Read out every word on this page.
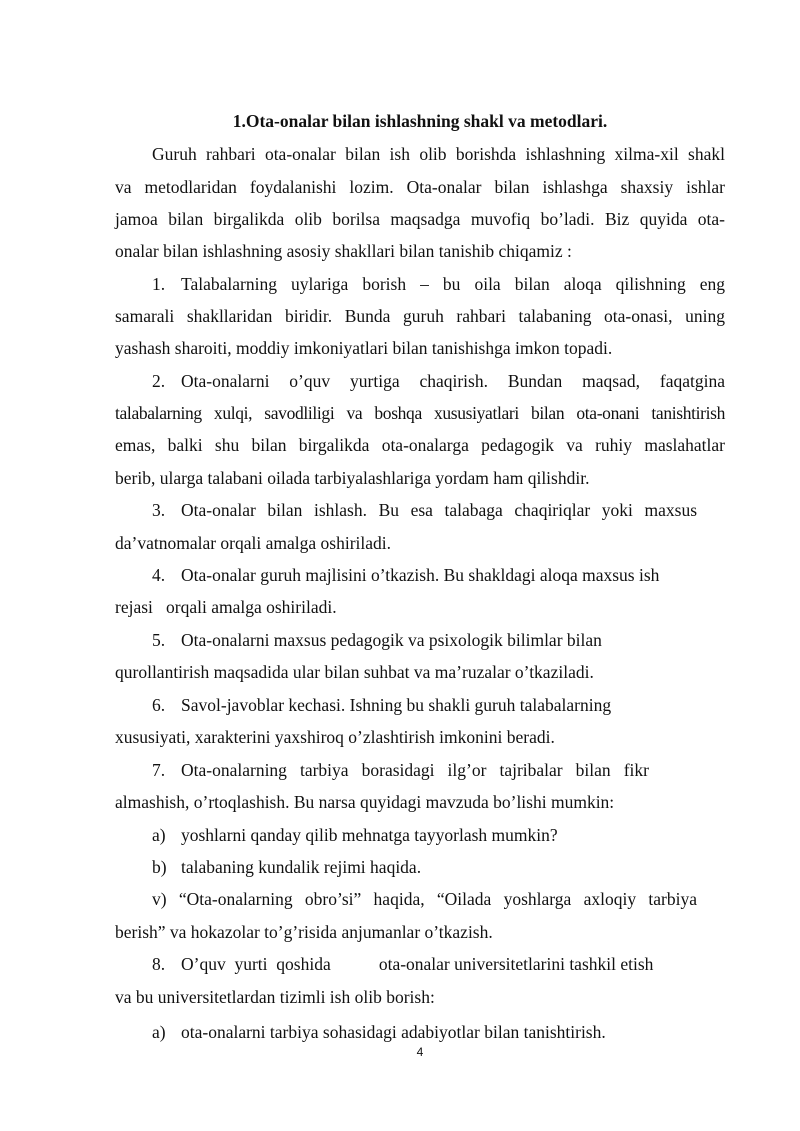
1.Ota-onalar bilan ishlashning shakl va metodlari.
Guruh rahbari ota-onalar bilan ish olib borishda ishlashning xilma-xil shakl
va metodlaridan foydalanishi lozim. Ota-onalar bilan ishlashga shaxsiy ishlar
jamoa bilan birgalikda olib borilsa maqsadga muvofiq bo’ladi. Biz quyida ota-
onalar bilan ishlashning asosiy shakllari bilan tanishib chiqamiz :
1. Talabalarning uylariga borish – bu oila bilan aloqa qilishning eng
samarali shakllaridan biridir. Bunda guruh rahbari talabaning ota-onasi, uning
yashash sharoiti, moddiy imkoniyatlari bilan tanishishga imkon topadi.
2. Ota-onalarni o’quv yurtiga chaqirish. Bundan maqsad, faqatgina
talabalarning xulqi, savodliligi va boshqa xususiyatlari bilan ota-onani tanishtirish
emas, balki shu bilan birgalikda ota-onalarga pedagogik va ruhiy maslahatlar
berib, ularga talabani oilada tarbiyalashlariga yordam ham qilishdir.
3. Ota-onalar bilan ishlash. Bu esa talabaga chaqiriqlar yoki maxsus
da’vatnomalar orqali amalga oshiriladi.
4. Ota-onalar guruh majlisini o’tkazish. Bu shakldagi aloqa maxsus ish
rejasi   orqali amalga oshiriladi.
5. Ota-onalarni maxsus pedagogik va psixologik bilimlar bilan
qurollantirish maqsadida ular bilan suhbat va ma’ruzalar o’tkaziladi.
6. Savol-javoblar kechasi. Ishning bu shakli guruh talabalarning
xususiyati, xarakterini yaxshiroq o’zlashtirish imkonini beradi.
7. Ota-onalarning tarbiya borasidagi ilg’or tajribalar bilan fikr
almashish, o’rtoqlashish. Bu narsa quyidagi mavzuda bo’lishi mumkin:
a) yoshlarni qanday qilib mehnatga tayyorlash mumkin?
b) talabaning kundalik rejimi haqida.
v) “Ota-onalarning obro’si” haqida, “Oilada yoshlarga axloqiy tarbiya
berish” va hokazolar to’g’risida anjumanlar o’tkazish.
8. O’quv  yurti  qoshida           ota-onalar universitetlarini tashkil etish
va bu universitetlardan tizimli ish olib borish:
a) ota-onalarni tarbiya sohasidagi adabiyotlar bilan tanishtirish.
4
